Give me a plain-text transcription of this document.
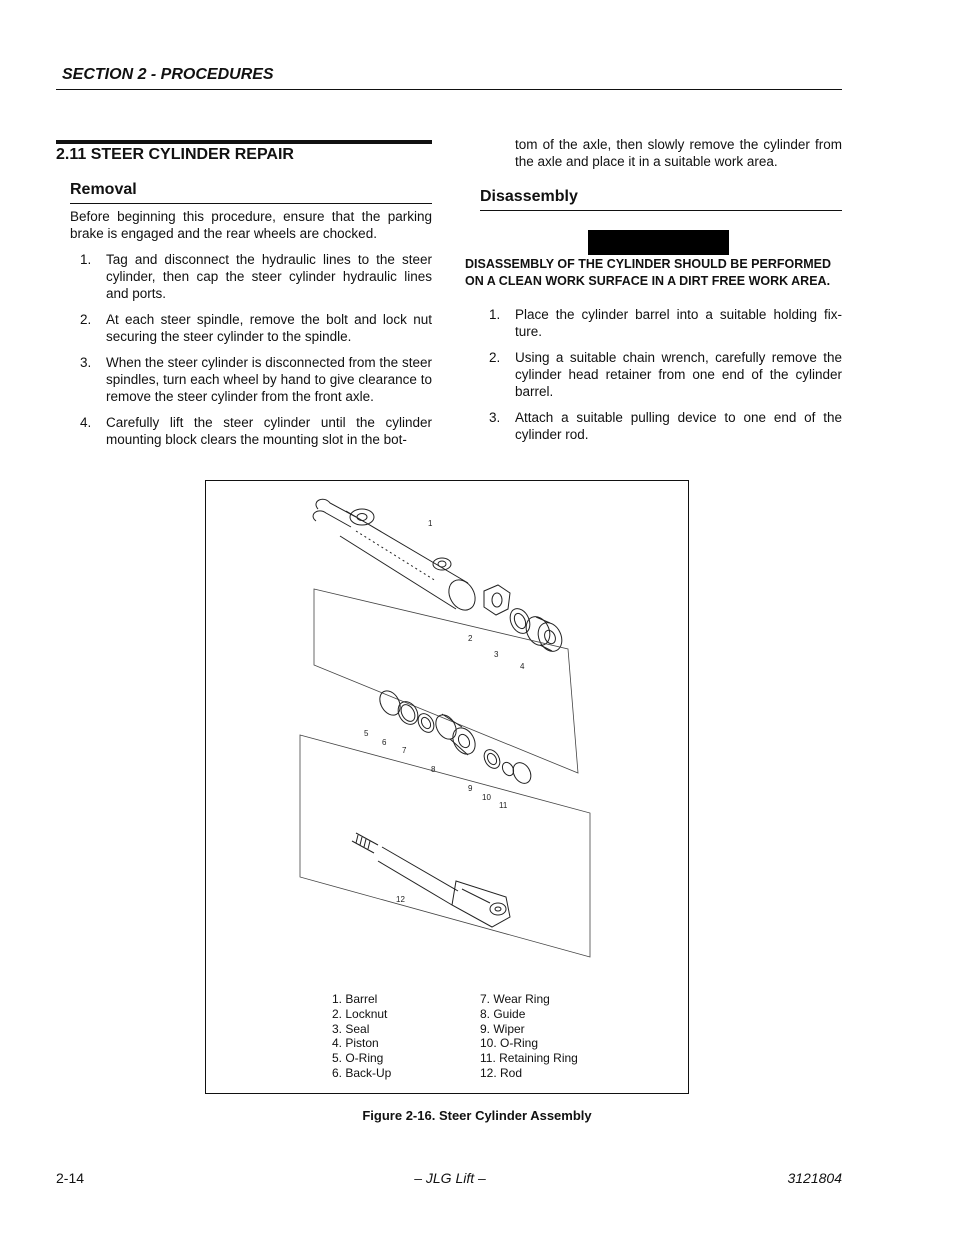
SECTION 2 - PROCEDURES
2.11 STEER CYLINDER REPAIR
Removal
Before beginning this procedure, ensure that the parking brake is engaged and the rear wheels are chocked.
1. Tag and disconnect the hydraulic lines to the steer cylinder, then cap the steer cylinder hydraulic lines and ports.
2. At each steer spindle, remove the bolt and lock nut securing the steer cylinder to the spindle.
3. When the steer cylinder is disconnected from the steer spindles, turn each wheel by hand to give clearance to remove the steer cylinder from the front axle.
4. Carefully lift the steer cylinder until the cylinder mounting block clears the mounting slot in the bot-
tom of the axle, then slowly remove the cylinder from the axle and place it in a suitable work area.
Disassembly
DISASSEMBLY OF THE CYLINDER SHOULD BE PERFORMED ON A CLEAN WORK SURFACE IN A DIRT FREE WORK AREA.
1. Place the cylinder barrel into a suitable holding fix-ture.
2. Using a suitable chain wrench, carefully remove the cylinder head retainer from one end of the cylinder barrel.
3. Attach a suitable pulling device to one end of the cylinder rod.
1
2
3
4
5
6
7
8
9
10
11
12
1. Barrel
2. Locknut
3. Seal
4. Piston
5. O-Ring
6. Back-Up
7. Wear Ring
8. Guide
9. Wiper
10. O-Ring
11. Retaining Ring
12. Rod
Figure 2-16. Steer Cylinder Assembly
2-14	– JLG Lift –	3121804
